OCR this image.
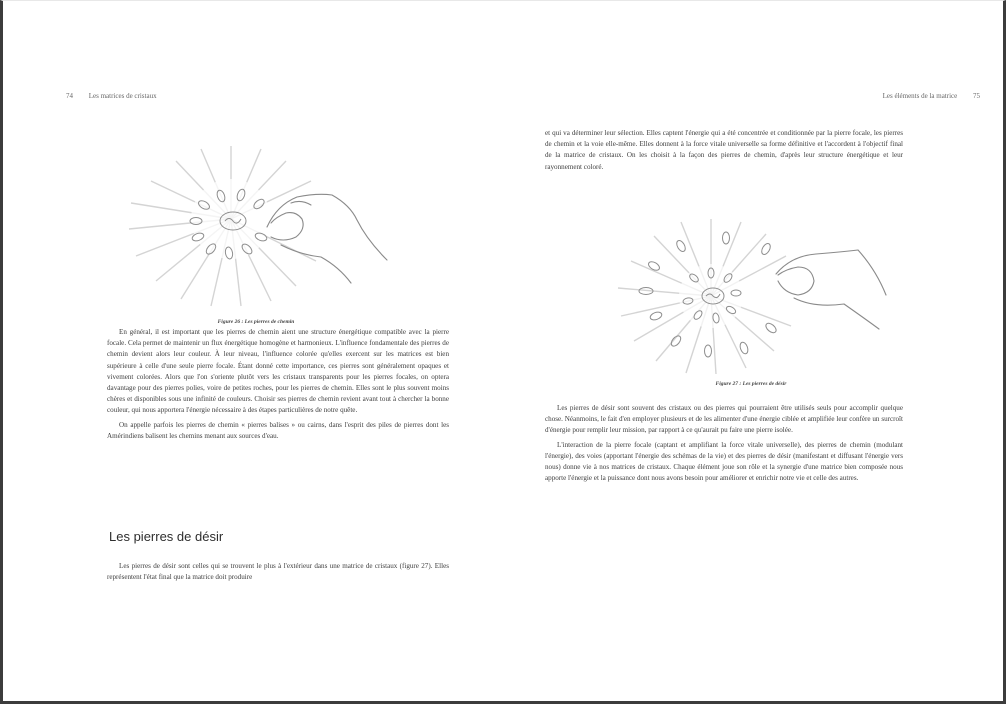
74 Les matrices de cristaux
Figure 26 : Les pierres de chemin

En général, il est important que les pierres de chemin aient une structure énergétique compatible avec la pierre focale. Cela permet de maintenir un flux énergétique homogène et harmonieux. L'influence fondamentale des pierres de chemin devient alors leur couleur. À leur niveau, l'influence colorée qu'elles exercent sur les matrices est bien supérieure à celle d'une seule pierre focale. Étant donné cette importance, ces pierres sont généralement opaques et vivement colorées. Alors que l'on s'oriente plutôt vers les cristaux transparents pour les pierres focales, on optera davantage pour des pierres polies, voire de petites roches, pour les pierres de chemin. Elles sont le plus souvent moins chères et disponibles sous une infinité de couleurs. Choisir ses pierres de chemin revient avant tout à chercher la bonne couleur, qui nous apportera l'énergie nécessaire à des étapes particulières de notre quête.

On appelle parfois les pierres de chemin « pierres balises » ou cairns, dans l'esprit des piles de pierres dont les Amérindiens balisent les chemins menant aux sources d'eau.

Les pierres de désir

Les pierres de désir sont celles qui se trouvent le plus à l'extérieur dans une matrice de cristaux (figure 27). Elles représentent l'état final que la matrice doit produire

Les éléments de la matrice 75

et qui va déterminer leur sélection. Elles captent l'énergie qui a été concentrée et conditionnée par la pierre focale, les pierres de chemin et la voie elle-même. Elles donnent à la force vitale universelle sa forme définitive et l'accordent à l'objectif final de la matrice de cristaux. On les choisit à la façon des pierres de chemin, d'après leur structure énergétique et leur rayonnement coloré.

Figure 27 : Les pierres de désir

Les pierres de désir sont souvent des cristaux ou des pierres qui pourraient être utilisés seuls pour accomplir quelque chose. Néanmoins, le fait d'en employer plusieurs et de les alimenter d'une énergie ciblée et amplifiée leur confère un surcroît d'énergie pour remplir leur mission, par rapport à ce qu'aurait pu faire une pierre isolée.

L'interaction de la pierre focale (captant et amplifiant la force vitale universelle), des pierres de chemin (modulant l'énergie), des voies (apportant l'énergie des schémas de la vie) et des pierres de désir (manifestant et diffusant l'énergie vers nous) donne vie à nos matrices de cristaux. Chaque élément joue son rôle et la synergie d'une matrice bien composée nous apporte l'énergie et la puissance dont nous avons besoin pour améliorer et enrichir notre vie et celle des autres.
